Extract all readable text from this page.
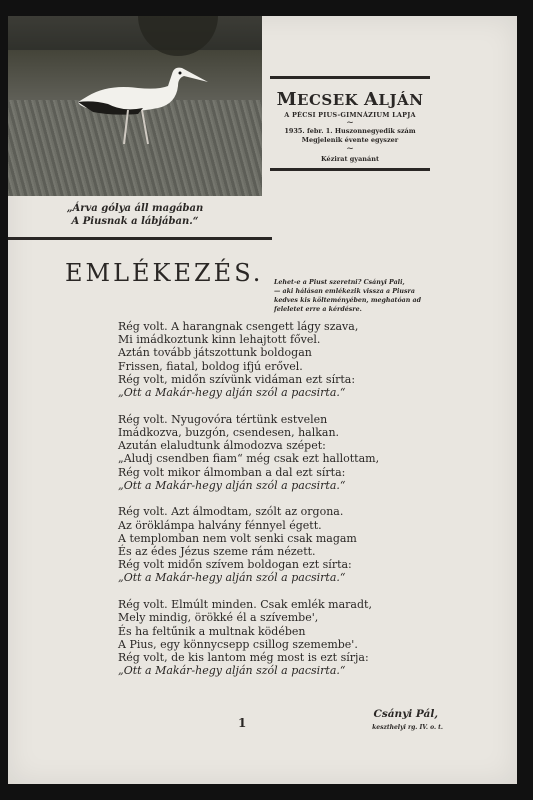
„Árva gólya áll magában
A Piusnak a lábjában.“
MECSEK ALJÁN
A PÉCSI PIUS-GIMNÁZIUM LAPJA
~
1935. febr. 1. Huszonnegyedik szám
Megjelenik évente egyszer
~
Kézirat gyanánt
EMLÉKEZÉS. Lehet-e a Piust szeretni? Csányi Pali,
— aki hálásan emlékezik vissza a Piusra
kedves kis költeményében, meghatóan ad
feleletet erre a kérdésre.
Rég volt. A harangnak csengett lágy szava,
Mi imádkoztunk kinn lehajtott fővel.
Aztán tovább játszottunk boldogan
Frissen, fiatal, boldog ifjú erővel.
Rég volt, midőn szívünk vidáman ezt sírta:
„Ott a Makár-hegy alján szól a pacsirta.“
Rég volt. Nyugovóra tértünk estvelen
Imádkozva, buzgón, csendesen, halkan.
Azután elaludtunk álmodozva szépet:
„Aludj csendben fiam“ még csak ezt hallottam,
Rég volt mikor álmomban a dal ezt sírta:
„Ott a Makár-hegy alján szól a pacsirta.“
Rég volt. Azt álmodtam, szólt az orgona.
Az öröklámpa halvány fénnyel égett.
A templomban nem volt senki csak magam
És az édes Jézus szeme rám nézett.
Rég volt midőn szívem boldogan ezt sírta:
„Ott a Makár-hegy alján szól a pacsirta.“
Rég volt. Elmúlt minden. Csak emlék maradt,
Mely mindig, örökké él a szívembe',
És ha feltűnik a multnak ködében
A Pius, egy könnycsepp csillog szemembe'.
Rég volt, de kis lantom még most is ezt sírja:
„Ott a Makár-hegy alján szól a pacsirta.“
Csányi Pál,
keszthelyi rg. IV. o. t.
1
